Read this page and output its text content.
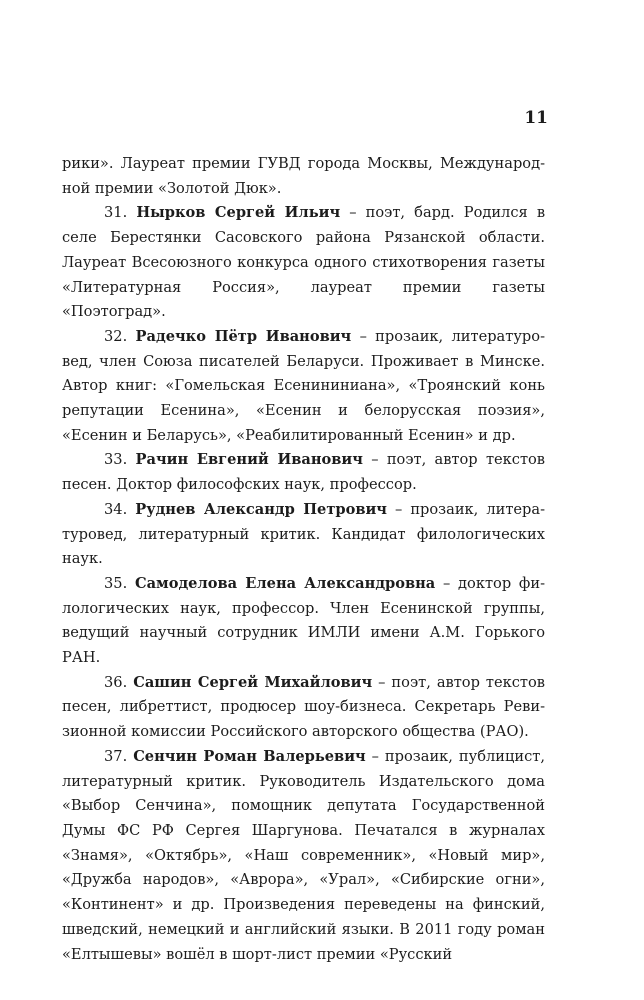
11

рики». Лауреат премии ГУВД города Москвы, Международной премии «Золотой Дюк».

31. Нырков Сергей Ильич – поэт, бард. Родился в селе Берестянки Сасовского района Рязанской области. Лауреат Всесоюзного конкурса одного стихотворения газеты «Литературная Россия», лауреат премии газеты «Поэтоград».

32. Радечко Пётр Иванович – прозаик, литературовед, член Союза писателей Беларуси. Проживает в Минске. Автор книг: «Гомельская Есенининиана», «Троянский конь репутации Есенина», «Есенин и белорусская поэзия», «Есенин и Беларусь», «Реабилитированный Есенин» и др.

33. Рачин Евгений Иванович – поэт, автор текстов песен. Доктор философских наук, профессор.

34. Руднев Александр Петрович – прозаик, литературовед, литературный критик. Кандидат филологических наук.

35. Самоделова Елена Александровна – доктор филологических наук, профессор. Член Есенинской группы, ведущий научный сотрудник ИМЛИ имени А.М. Горького РАН.

36. Сашин Сергей Михайлович – поэт, автор текстов песен, либреттист, продюсер шоу-бизнеса. Секретарь Ревизионной комиссии Российского авторского общества (РАО).

37. Сенчин Роман Валерьевич – прозаик, публицист, литературный критик. Руководитель Издательского дома «Выбор Сенчина», помощник депутата Государственной Думы ФС РФ Сергея Шаргунова. Печатался в журналах «Знамя», «Октябрь», «Наш современник», «Новый мир», «Дружба народов», «Аврора», «Урал», «Сибирские огни», «Континент» и др. Произведения переведены на финский, шведский, немецкий и английский языки. В 2011 году роман «Елтышевы» вошёл в шорт-лист премии «Русский
